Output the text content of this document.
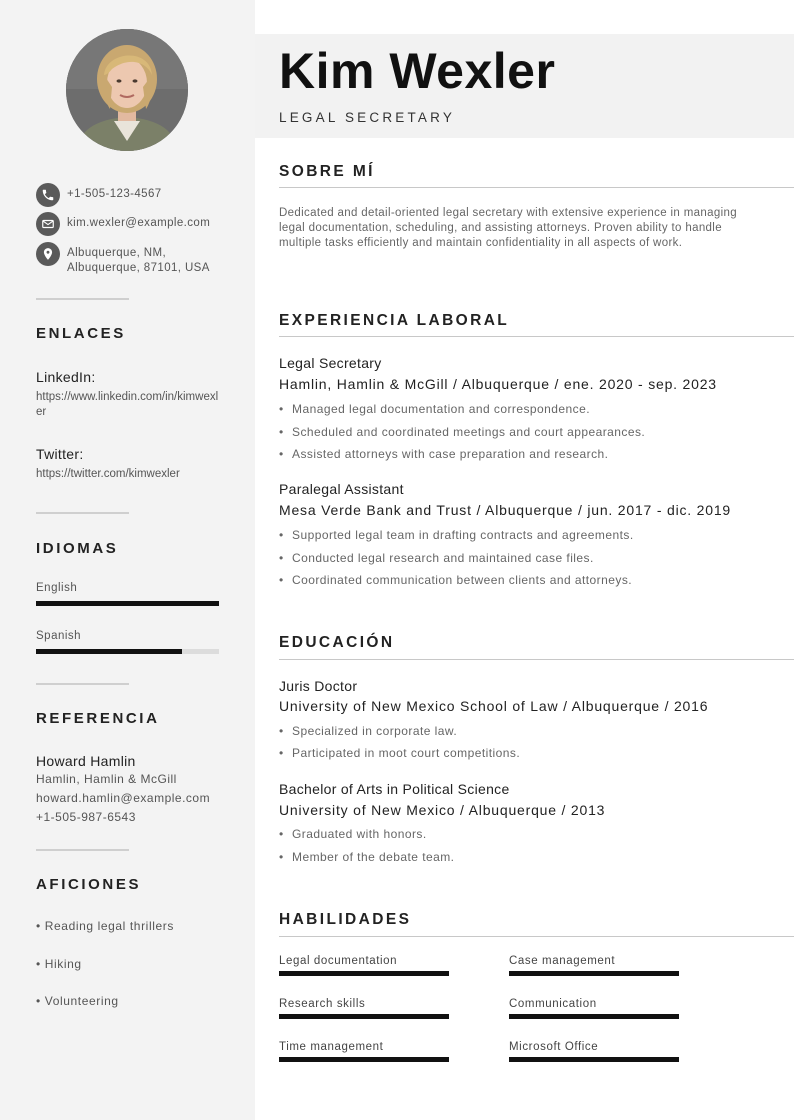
+1-505-123-4567
kim.wexler@example.com
Albuquerque, NM,
Albuquerque, 87101, USA
ENLACES
LinkedIn:
https://www.linkedin.com/in/kimwexler
Twitter:
https://twitter.com/kimwexler
IDIOMAS
English
Spanish
REFERENCIA
Howard Hamlin
Hamlin, Hamlin & McGill
howard.hamlin@example.com
+1-505-987-6543
AFICIONES
• Reading legal thrillers
• Hiking
• Volunteering
Kim Wexler
LEGAL SECRETARY
SOBRE MÍ
Dedicated and detail-oriented legal secretary with extensive experience in managing legal documentation, scheduling, and assisting attorneys. Proven ability to handle multiple tasks efficiently and maintain confidentiality in all aspects of work.
EXPERIENCIA LABORAL
Legal Secretary
Hamlin, Hamlin & McGill / Albuquerque / ene. 2020 - sep. 2023
• Managed legal documentation and correspondence.
• Scheduled and coordinated meetings and court appearances.
• Assisted attorneys with case preparation and research.
Paralegal Assistant
Mesa Verde Bank and Trust / Albuquerque / jun. 2017 - dic. 2019
• Supported legal team in drafting contracts and agreements.
• Conducted legal research and maintained case files.
• Coordinated communication between clients and attorneys.
EDUCACIÓN
Juris Doctor
University of New Mexico School of Law / Albuquerque / 2016
• Specialized in corporate law.
• Participated in moot court competitions.
Bachelor of Arts in Political Science
University of New Mexico / Albuquerque / 2013
• Graduated with honors.
• Member of the debate team.
HABILIDADES
Legal documentation	Case management
Research skills	Communication
Time management	Microsoft Office
